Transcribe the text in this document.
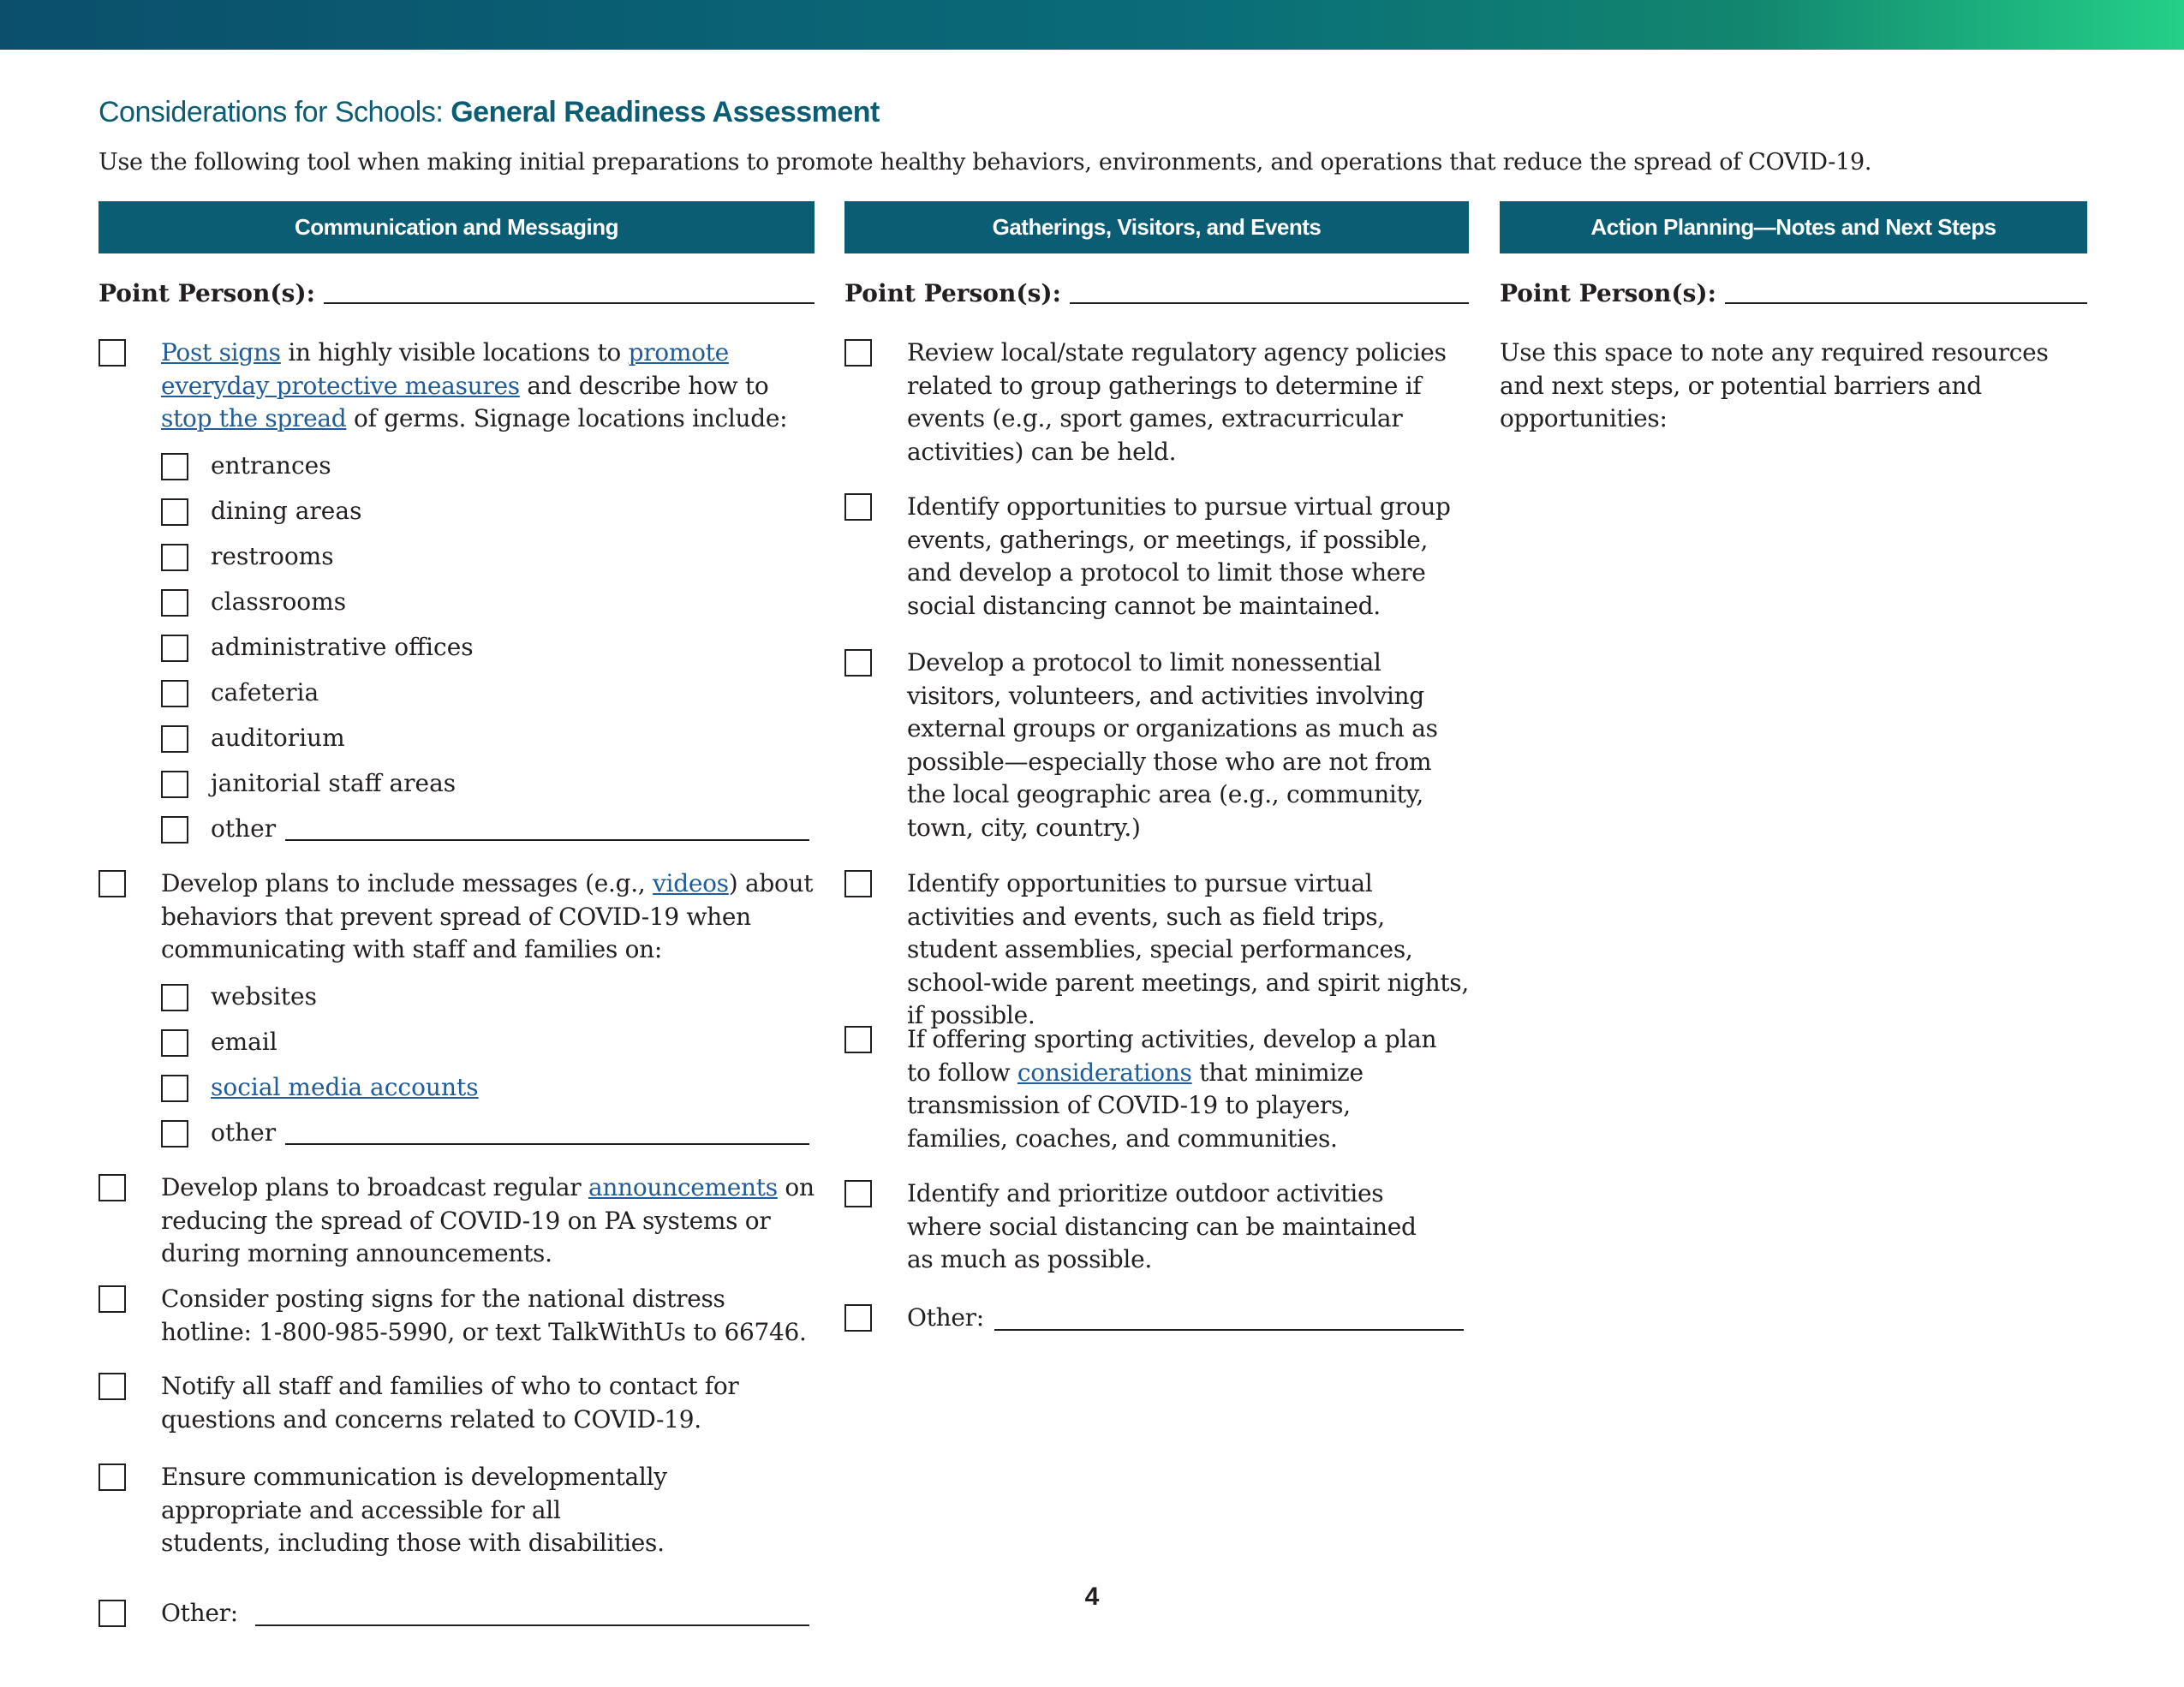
Considerations for Schools: General Readiness Assessment

Use the following tool when making initial preparations to promote healthy behaviors, environments, and operations that reduce the spread of COVID-19.

Communication and Messaging
Point Person(s):
Post signs in highly visible locations to promote everyday protective measures and describe how to stop the spread of germs. Signage locations include:
entrances
dining areas
restrooms
classrooms
administrative offices
cafeteria
auditorium
janitorial staff areas
other
Develop plans to include messages (e.g., videos) about behaviors that prevent spread of COVID-19 when communicating with staff and families on:
websites
email
social media accounts
other
Develop plans to broadcast regular announcements on reducing the spread of COVID-19 on PA systems or during morning announcements.
Consider posting signs for the national distress hotline: 1-800-985-5990, or text TalkWithUs to 66746.
Notify all staff and families of who to contact for questions and concerns related to COVID-19.
Ensure communication is developmentally appropriate and accessible for all students, including those with disabilities.
Other:
Gatherings, Visitors, and Events
Point Person(s):
Review local/state regulatory agency policies related to group gatherings to determine if events (e.g., sport games, extracurricular activities) can be held.
Identify opportunities to pursue virtual group events, gatherings, or meetings, if possible, and develop a protocol to limit those where social distancing cannot be maintained.
Develop a protocol to limit nonessential visitors, volunteers, and activities involving external groups or organizations as much as possible—especially those who are not from the local geographic area (e.g., community, town, city, country.)
Identify opportunities to pursue virtual activities and events, such as field trips, student assemblies, special performances, school-wide parent meetings, and spirit nights, if possible.
If offering sporting activities, develop a plan to follow considerations that minimize transmission of COVID-19 to players, families, coaches, and communities.
Identify and prioritize outdoor activities where social distancing can be maintained as much as possible.
Other:
Action Planning—Notes and Next Steps
Point Person(s):
Use this space to note any required resources and next steps, or potential barriers and opportunities:
4
